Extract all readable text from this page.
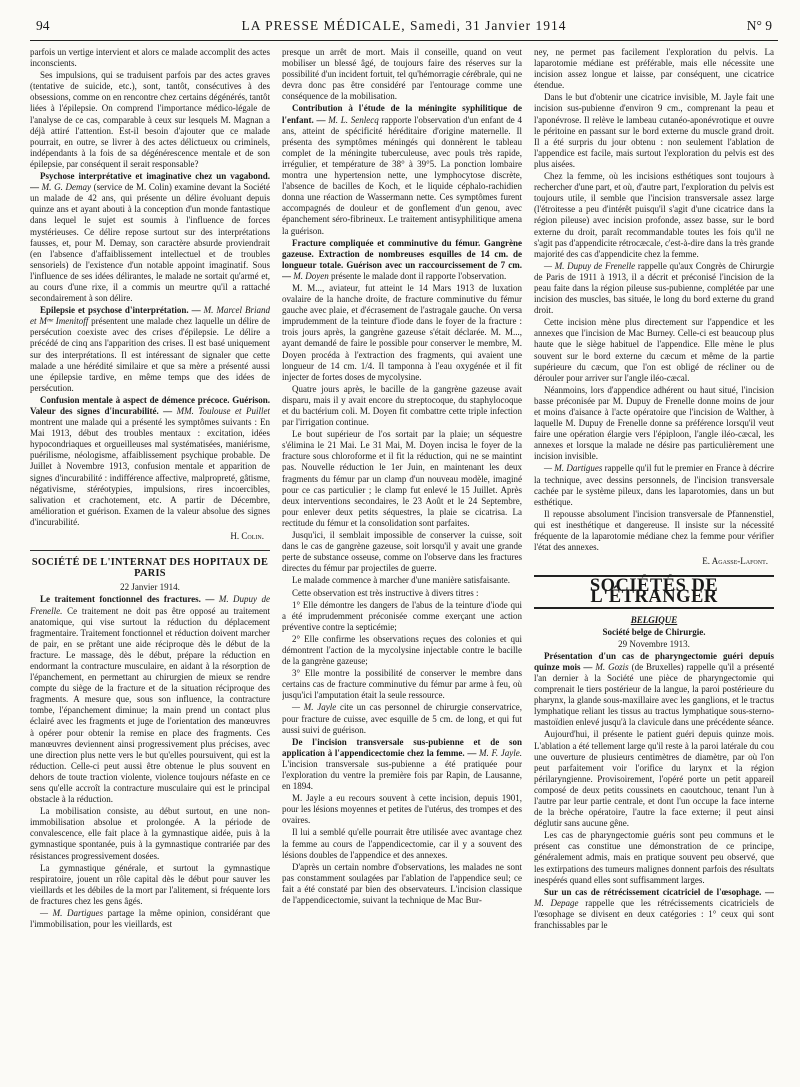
94	LA PRESSE MÉDICALE, Samedi, 31 Janvier 1914	N° 9

parfois un vertige intervient et alors ce malade accomplit des actes inconscients.

Ses impulsions, qui se traduisent parfois par des actes graves (tentative de suicide, etc.), sont, tantôt, consécutives à des obsessions, comme on en rencontre chez certains dégénérés, tantôt liées à l'épilepsie. On comprend l'importance médico-légale de l'analyse de ce cas, comparable à ceux sur lesquels M. Magnan a déjà attiré l'attention. Est-il besoin d'ajouter que ce malade pourrait, en outre, se livrer à des actes délictueux ou criminels, indépendants à la fois de sa dégénérescence mentale et de son épilepsie, par conséquent il serait responsable?

Psychose interprétative et imaginative chez un vagabond. — M. G. Demay (service de M. Colin) examine devant la Société un malade de 42 ans, qui présente un délire évoluant depuis quinze ans et ayant abouti à la conception d'un monde fantastique dans lequel le sujet est soumis à l'influence de forces mystérieuses. Ce délire repose surtout sur des interprétations fausses, et, pour M. Demay, son caractère absurde proviendrait (en l'absence d'affaiblissement intellectuel et de troubles sensoriels) de l'existence d'un notable appoint imaginatif. Sous l'influence de ses idées délirantes, le malade ne sortait qu'armé et, au cours d'une rixe, il a commis un meurtre qu'il a rattaché secondairement à son délire.

Epilepsie et psychose d'interprétation. — M. Marcel Briand et Mᵐᵉ Imenitoff présentent une malade chez laquelle un délire de persécution coexiste avec des crises d'épilepsie. Le délire a précédé de cinq ans l'apparition des crises. Il est basé uniquement sur des interprétations. Il est intéressant de signaler que cette malade a une hérédité similaire et que sa mère a présenté aussi une épilepsie tardive, en même temps que des idées de persécution.

Confusion mentale à aspect de démence précoce. Guérison. Valeur des signes d'incurabilité. — MM. Toulouse et Puillet montrent une malade qui a présenté les symptômes suivants : En Mai 1913, début des troubles mentaux : excitation, idées hypocondriaques et orgueilleuses mal systématisées, maniérisme, puérilisme, néologisme, affaiblissement psychique probable. De Juillet à Novembre 1913, confusion mentale et apparition de signes d'incurabilité : indifférence affective, malpropreté, gâtisme, négativisme, stéréotypies, impulsions, rires incoercibles, salivation et crachotement, etc. A partir de Décembre, amélioration et guérison. Examen de la valeur absolue des signes d'incurabilité.

H. Colin.

SOCIÉTÉ DE L'INTERNAT DES HOPITAUX DE PARIS

22 Janvier 1914.

Le traitement fonctionnel des fractures. — M. Dupuy de Frenelle. Ce traitement ne doit pas être opposé au traitement anatomique, qui vise surtout la réduction du déplacement fragmentaire. Traitement fonctionnel et réduction doivent marcher de pair, en se prêtant une aide réciproque dès le début de la fracture. Le massage, dès le début, prépare la réduction en endormant la contracture musculaire, en aidant à la résorption de l'épanchement, en permettant au chirurgien de mieux se rendre compte du siège de la fracture et de la situation réciproque des fragments. A mesure que, sous son influence, la contracture tombe, l'épanchement diminue; la main prend un contact plus éclairé avec les fragments et juge de l'orientation des manœuvres à opérer pour obtenir la remise en place des fragments. Ces manœuvres deviennent ainsi progressivement plus précises, avec une direction plus nette vers le but qu'elles poursuivent, qui est la réduction. Celle-ci peut aussi être obtenue le plus souvent en dehors de toute traction violente, violence toujours néfaste en ce sens qu'elle accroît la contracture musculaire qui est le principal obstacle à la réduction.

La mobilisation consiste, au début surtout, en une non-immobilisation absolue et prolongée. A la période de convalescence, elle fait place à la gymnastique aidée, puis à la gymnastique spontanée, puis à la gymnastique contrariée par des résistances progressivement dosées.

La gymnastique générale, et surtout la gymnastique respiratoire, jouent un rôle capital dès le début pour sauver les vieillards et les débiles de la mort par l'alitement, si fréquente lors de fractures chez les gens âgés.

— M. Dartigues partage la même opinion, considérant que l'immobilisation, pour les vieillards, est

presque un arrêt de mort. Mais il conseille, quand on veut mobiliser un blessé âgé, de toujours faire des réserves sur la possibilité d'un incident fortuit, tel qu'hémorragie cérébrale, qui ne devra donc pas être considéré par l'entourage comme une conséquence de la mobilisation.

Contribution à l'étude de la méningite syphilitique de l'enfant. — M. L. Senlecq rapporte l'observation d'un enfant de 4 ans, atteint de spécificité héréditaire d'origine maternelle. Il présenta des symptômes méningés qui donnèrent le tableau complet de la méningite tuberculeuse, avec pouls très rapide, irrégulier, et température de 38° à 39°5. La ponction lombaire montra une hypertension nette, une lymphocytose discrète, l'absence de bacilles de Koch, et le liquide céphalo-rachidien donna une réaction de Wassermann nette. Ces symptômes furent accompagnés de douleur et de gonflement d'un genou, avec épanchement séro-fibrineux. Le traitement antisyphilitique amena la guérison.

Fracture compliquée et comminutive du fémur. Gangrène gazeuse. Extraction de nombreuses esquilles de 14 cm. de longueur totale. Guérison avec un raccourcissement de 7 cm. — M. Doyen présente le malade dont il rapporte l'observation.

M. M..., aviateur, fut atteint le 14 Mars 1913 de luxation ovalaire de la hanche droite, de fracture comminutive du fémur gauche avec plaie, et d'écrasement de l'astragale gauche. On versa imprudemment de la teinture d'iode dans le foyer de la fracture : trois jours après, la gangrène gazeuse s'était déclarée. M. M..., ayant demandé de faire le possible pour conserver le membre, M. Doyen procéda à l'extraction des fragments, qui avaient une longueur de 14 cm. 1/4. Il tamponna à l'eau oxygénée et il fit injecter de fortes doses de mycolysine.

Quatre jours après, le bacille de la gangrène gazeuse avait disparu, mais il y avait encore du streptocoque, du staphylocoque et du bactérium coli. M. Doyen fit combattre cette triple infection par l'irrigation continue.

Le bout supérieur de l'os sortait par la plaie; un séquestre s'élimina le 21 Mai. Le 31 Mai, M. Doyen incisa le foyer de la fracture sous chloroforme et il fit la réduction, qui ne se maintint pas. Nouvelle réduction le 1er Juin, en maintenant les deux fragments du fémur par un clamp d'un nouveau modèle, imaginé pour ce cas particulier ; le clamp fut enlevé le 15 Juillet. Après deux interventions secondaires, le 23 Août et le 24 Septembre, pour enlever deux petits séquestres, la plaie se cicatrisa. La rectitude du fémur et la consolidation sont parfaites.

Jusqu'ici, il semblait impossible de conserver la cuisse, soit dans le cas de gangrène gazeuse, soit lorsqu'il y avait une grande perte de substance osseuse, comme on l'observe dans les fractures directes du fémur par projectiles de guerre.

Le malade commence à marcher d'une manière satisfaisante.

Cette observation est très instructive à divers titres :

1° Elle démontre les dangers de l'abus de la teinture d'iode qui a été imprudemment préconisée comme exerçant une action préventive contre la septicémie;

2° Elle confirme les observations reçues des colonies et qui démontrent l'action de la mycolysine injectable contre le bacille de la gangrène gazeuse;

3° Elle montre la possibilité de conserver le membre dans certains cas de fracture comminutive du fémur par arme à feu, où jusqu'ici l'amputation était la seule ressource.

— M. Jayle cite un cas personnel de chirurgie conservatrice, pour fracture de cuisse, avec esquille de 5 cm. de long, et qui fut aussi suivi de guérison.

De l'incision transversale sus-pubienne et de son application à l'appendicectomie chez la femme. — M. F. Jayle. L'incision transversale sus-pubienne a été pratiquée pour l'exploration du ventre la première fois par Rapin, de Lausanne, en 1894.

M. Jayle a eu recours souvent à cette incision, depuis 1901, pour les lésions moyennes et petites de l'utérus, des trompes et des ovaires.

Il lui a semblé qu'elle pourrait être utilisée avec avantage chez la femme au cours de l'appendicectomie, car il y a souvent des lésions doubles de l'appendice et des annexes.

D'après un certain nombre d'observations, les malades ne sont pas constamment soulagées par l'ablation de l'appendice seul; ce fait a été constaté par bien des observateurs. L'incision classique de l'appendicectomie, suivant la technique de Mac Bur-

ney, ne permet pas facilement l'exploration du pelvis. La laparotomie médiane est préférable, mais elle nécessite une incision assez longue et laisse, par conséquent, une cicatrice étendue.

Dans le but d'obtenir une cicatrice invisible, M. Jayle fait une incision sus-pubienne d'environ 9 cm., comprenant la peau et l'aponévrose. Il relève le lambeau cutanéo-aponévrotique et ouvre le péritoine en passant sur le bord externe du muscle grand droit. Il a été surpris du jour obtenu : non seulement l'ablation de l'appendice est facile, mais surtout l'exploration du pelvis est des plus aisées.

Chez la femme, où les incisions esthétiques sont toujours à rechercher d'une part, et où, d'autre part, l'exploration du pelvis est toujours utile, il semble que l'incision transversale assez large (l'étroitesse a peu d'intérêt puisqu'il s'agit d'une cicatrice dans la région pileuse) avec incision profonde, assez basse, sur le bord externe du droit, paraît recommandable toutes les fois qu'il ne s'agit pas d'appendicite rétrocæcale, c'est-à-dire dans la très grande majorité des cas d'appendicite chez la femme.

— M. Dupuy de Frenelle rappelle qu'aux Congrès de Chirurgie de Paris de 1911 à 1913, il a décrit et préconisé l'incision de la peau faite dans la région pileuse sus-pubienne, complétée par une incision des muscles, bas située, le long du bord externe du grand droit.

Cette incision mène plus directement sur l'appendice et les annexes que l'incision de Mac Burney. Celle-ci est beaucoup plus haute que le siège habituel de l'appendice. Elle mène le plus souvent sur le bord externe du cæcum et même de la partie supérieure du cæcum, que l'on est obligé de récliner ou de dérouler pour arriver sur l'angle iléo-cæcal.

Néanmoins, lors d'appendice adhérent ou haut situé, l'incision basse préconisée par M. Dupuy de Frenelle donne moins de jour et moins d'aisance à l'acte opératoire que l'incision de Walther, à laquelle M. Dupuy de Frenelle donne sa préférence lorsqu'il veut faire une opération élargie vers l'épiploon, l'angle iléo-cæcal, les annexes et lorsque la malade ne désire pas particulièrement une incision invisible.

— M. Dartigues rappelle qu'il fut le premier en France à décrire la technique, avec dessins personnels, de l'incision transversale cachée par le système pileux, dans les laparotomies, dans un but esthétique.

Il repousse absolument l'incision transversale de Pfannenstiel, qui est inesthétique et dangereuse. Il insiste sur la nécessité fréquente de la laparotomie médiane chez la femme pour vérifier l'état des annexes.

E. Agasse-Lafont.

SOCIÉTÉS DE L'ÉTRANGER

BELGIQUE

Société belge de Chirurgie.

29 Novembre 1913.

Présentation d'un cas de pharyngectomie guéri depuis quinze mois — M. Gozis (de Bruxelles) rappelle qu'il a présenté l'an dernier à la Société une pièce de pharyngectomie qui comprenait le tiers postérieur de la langue, la paroi postérieure du pharynx, la glande sous-maxillaire avec les ganglions, et le tractus lymphatique reliant les tissus au tractus lymphatique sous-sterno-mastoïdien enlevé jusqu'à la clavicule dans une précédente séance.

Aujourd'hui, il présente le patient guéri depuis quinze mois. L'ablation a été tellement large qu'il reste à la paroi latérale du cou une ouverture de plusieurs centimètres de diamètre, par où l'on peut parfaitement voir l'orifice du larynx et la région périlaryngienne. Provisoirement, l'opéré porte un petit appareil composé de deux petits coussinets en caoutchouc, tenant l'un à l'autre par leur partie centrale, et dont l'un occupe la face interne de la brèche opératoire, l'autre la face externe; il peut ainsi déglutir sans aucune gêne.

Les cas de pharyngectomie guéris sont peu communs et le présent cas constitue une démonstration de ce principe, généralement admis, mais en pratique souvent peu observé, que les extirpations des tumeurs malignes donnent parfois des résultats inespérés quand elles sont suffisamment larges.

Sur un cas de rétrécissement cicatriciel de l'œsophage. — M. Depage rappelle que les rétrécissements cicatriciels de l'œsophage se divisent en deux catégories : 1° ceux qui sont franchissables par le
